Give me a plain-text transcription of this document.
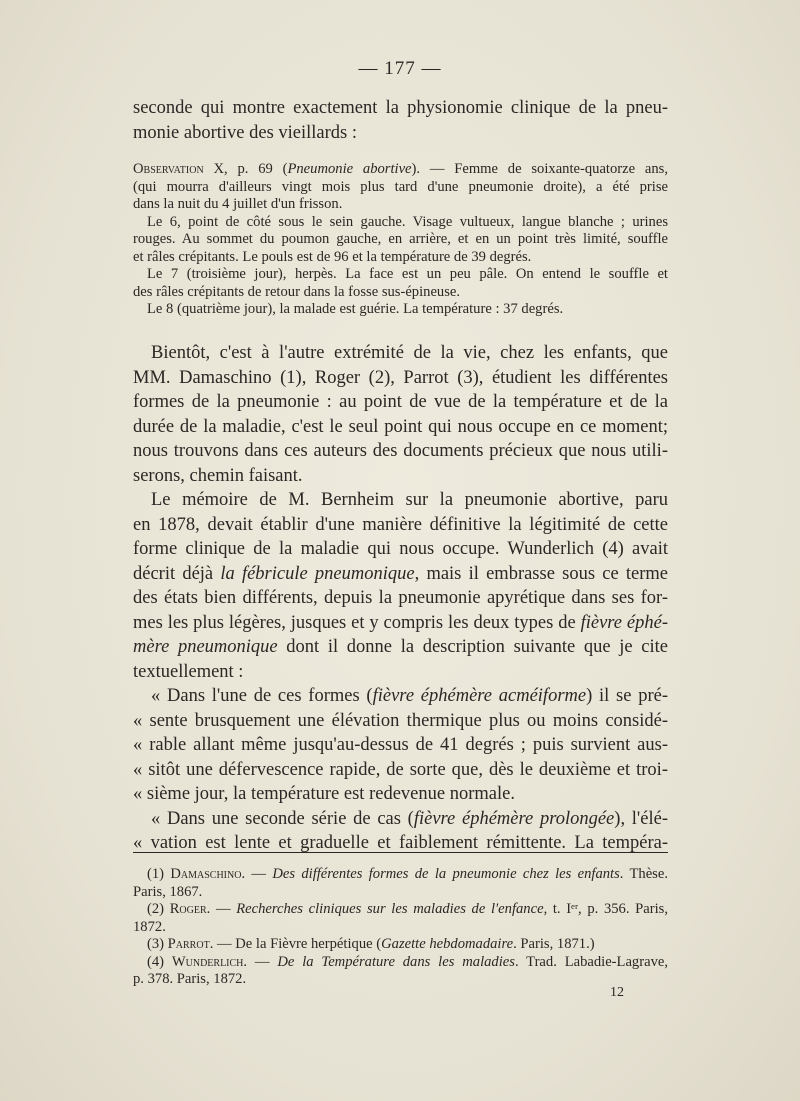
— 177 —
seconde qui montre exactement la physionomie clinique de la pneu-
monie abortive des vieillards :
Observation X, p. 69 (Pneumonie abortive). — Femme de soixante-quatorze ans,
(qui mourra d'ailleurs vingt mois plus tard d'une pneumonie droite), a été prise
dans la nuit du 4 juillet d'un frisson.
Le 6, point de côté sous le sein gauche. Visage vultueux, langue blanche ; urines
rouges. Au sommet du poumon gauche, en arrière, et en un point très limité, souffle
et râles crépitants. Le pouls est de 96 et la température de 39 degrés.
Le 7 (troisième jour), herpès. La face est un peu pâle. On entend le souffle et
des râles crépitants de retour dans la fosse sus-épineuse.
Le 8 (quatrième jour), la malade est guérie. La température : 37 degrés.
Bientôt, c'est à l'autre extrémité de la vie, chez les enfants, que
MM. Damaschino (1), Roger (2), Parrot (3), étudient les différentes
formes de la pneumonie : au point de vue de la température et de la
durée de la maladie, c'est le seul point qui nous occupe en ce moment;
nous trouvons dans ces auteurs des documents précieux que nous utili-
serons, chemin faisant.
Le mémoire de M. Bernheim sur la pneumonie abortive, paru
en 1878, devait établir d'une manière définitive la légitimité de cette
forme clinique de la maladie qui nous occupe. Wunderlich (4) avait
décrit déjà la fébricule pneumonique, mais il embrasse sous ce terme
des états bien différents, depuis la pneumonie apyrétique dans ses for-
mes les plus légères, jusques et y compris les deux types de fièvre éphé-
mère pneumonique dont il donne la description suivante que je cite
textuellement :
« Dans l'une de ces formes (fièvre éphémère acméiforme) il se pré-
« sente brusquement une élévation thermique plus ou moins considé-
« rable allant même jusqu'au-dessus de 41 degrés ; puis survient aus-
« sitôt une défervescence rapide, de sorte que, dès le deuxième et troi-
« sième jour, la température est redevenue normale.
« Dans une seconde série de cas (fièvre éphémère prolongée), l'élé-
« vation est lente et graduelle et faiblement rémittente. La tempéra-
(1) Damaschino. — Des différentes formes de la pneumonie chez les enfants. Thèse.
Paris, 1867.
(2) Roger. — Recherches cliniques sur les maladies de l'enfance, t. Iᵉʳ, p. 356. Paris,
1872.
(3) Parrot. — De la Fièvre herpétique (Gazette hebdomadaire. Paris, 1871.)
(4) Wunderlich. — De la Température dans les maladies. Trad. Labadie-Lagrave,
p. 378. Paris, 1872.
12
